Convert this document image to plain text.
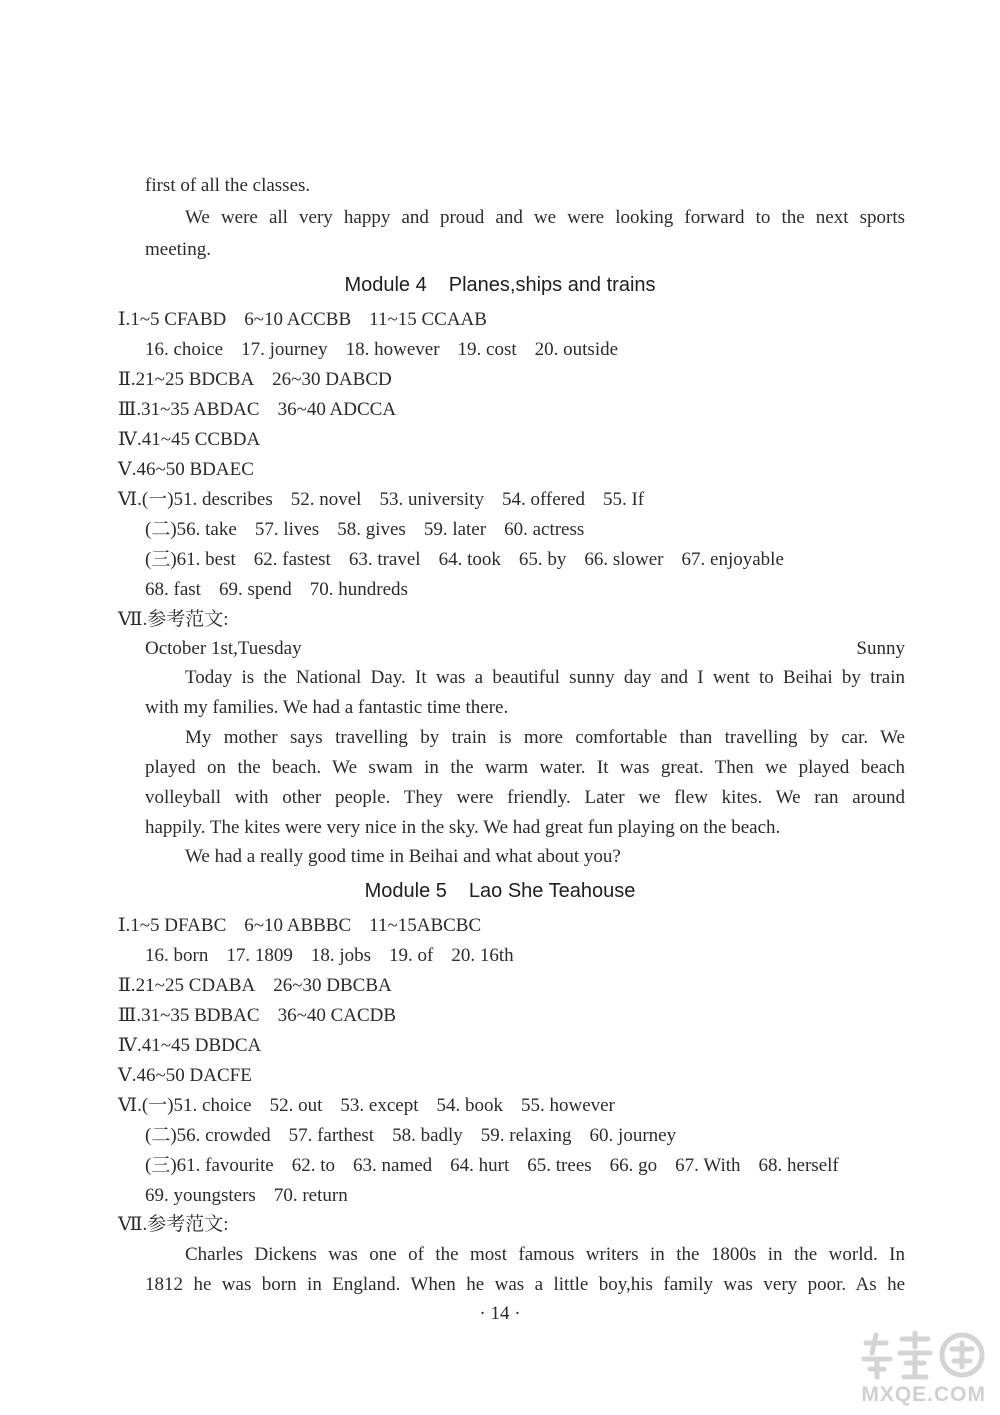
first of all the classes.
We were all very happy and proud and we were looking forward to the next sports
meeting.
Module 4 Planes,ships and trains
Ⅰ.1~5 CFABD 6~10 ACCBB 11~15 CCAAB
16. choice 17. journey 18. however 19. cost 20. outside
Ⅱ.21~25 BDCBA 26~30 DABCD
Ⅲ.31~35 ABDAC 36~40 ADCCA
Ⅳ.41~45 CCBDA
Ⅴ.46~50 BDAEC
Ⅵ.(一)51. describes 52. novel 53. university 54. offered 55. If
(二)56. take 57. lives 58. gives 59. later 60. actress
(三)61. best 62. fastest 63. travel 64. took 65. by 66. slower 67. enjoyable
68. fast 69. spend 70. hundreds
Ⅶ.参考范文:
October 1st,Tuesday	Sunny
Today is the National Day. It was a beautiful sunny day and I went to Beihai by train
with my families. We had a fantastic time there.
My mother says travelling by train is more comfortable than travelling by car. We
played on the beach. We swam in the warm water. It was great. Then we played beach
volleyball with other people. They were friendly. Later we flew kites. We ran around
happily. The kites were very nice in the sky. We had great fun playing on the beach.
We had a really good time in Beihai and what about you?
Module 5 Lao She Teahouse
Ⅰ.1~5 DFABC 6~10 ABBBC 11~15ABCBC
16. born 17. 1809 18. jobs 19. of 20. 16th
Ⅱ.21~25 CDABA 26~30 DBCBA
Ⅲ.31~35 BDBAC 36~40 CACDB
Ⅳ.41~45 DBDCA
Ⅴ.46~50 DACFE
Ⅵ.(一)51. choice 52. out 53. except 54. book 55. however
(二)56. crowded 57. farthest 58. badly 59. relaxing 60. journey
(三)61. favourite 62. to 63. named 64. hurt 65. trees 66. go 67. With 68. herself
69. youngsters 70. return
Ⅶ.参考范文:
Charles Dickens was one of the most famous writers in the 1800s in the world. In
1812 he was born in England. When he was a little boy,his family was very poor. As he
· 14 ·
MXQE.COM
